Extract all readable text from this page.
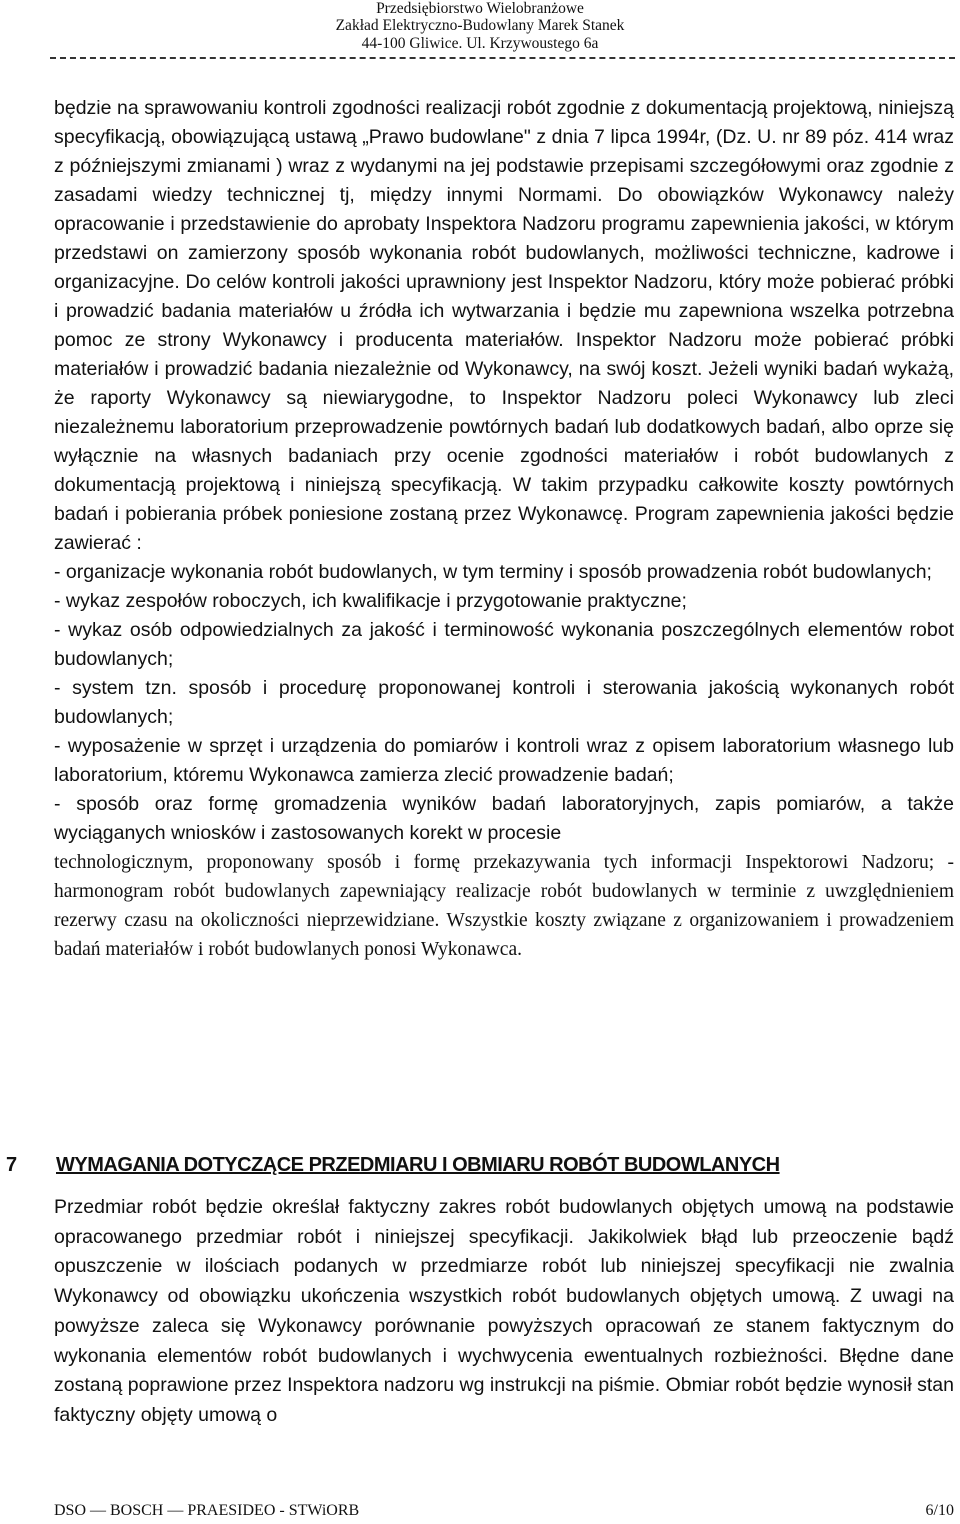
Przedsiębiorstwo Wielobranżowe
Zakład Elektryczno-Budowlany Marek Stanek
44-100 Gliwice. Ul. Krzywoustego 6a

będzie na sprawowaniu kontroli zgodności realizacji robót zgodnie z dokumentacją projektową, niniejszą specyfikacją, obowiązującą ustawą „Prawo budowlane" z dnia 7 lipca 1994r, (Dz. U. nr 89 póz. 414 wraz z późniejszymi zmianami ) wraz z wydanymi na jej podstawie przepisami szczegółowymi oraz zgodnie z zasadami wiedzy technicznej tj, między innymi Normami. Do obowiązków Wykonawcy należy opracowanie i przedstawienie do aprobaty Inspektora Nadzoru programu zapewnienia jakości, w którym przedstawi on zamierzony sposób wykonania robót budowlanych, możliwości techniczne, kadrowe i organizacyjne. Do celów kontroli jakości uprawniony jest Inspektor Nadzoru, który może pobierać próbki i prowadzić badania materiałów u źródła ich wytwarzania i będzie mu zapewniona wszelka potrzebna pomoc ze strony Wykonawcy i producenta materiałów. Inspektor Nadzoru może pobierać próbki materiałów i prowadzić badania niezależnie od Wykonawcy, na swój koszt. Jeżeli wyniki badań wykażą, że raporty Wykonawcy są niewiarygodne, to Inspektor Nadzoru poleci Wykonawcy lub zleci niezależnemu laboratorium przeprowadzenie powtórnych badań lub dodatkowych badań, albo oprze się wyłącznie na własnych badaniach przy ocenie zgodności materiałów i robót budowlanych z dokumentacją projektową i niniejszą specyfikacją. W takim przypadku całkowite koszty powtórnych badań i pobierania próbek poniesione zostaną przez Wykonawcę. Program zapewnienia jakości będzie zawierać :

- organizacje wykonania robót budowlanych, w tym terminy i sposób prowadzenia robót budowlanych;

- wykaz zespołów roboczych, ich kwalifikacje i przygotowanie praktyczne;

- wykaz osób odpowiedzialnych za jakość i terminowość wykonania poszczególnych elementów robot budowlanych;

- system tzn. sposób i procedurę proponowanej kontroli i sterowania jakością wykonanych robót budowlanych;

- wyposażenie w sprzęt i urządzenia do pomiarów i kontroli wraz z opisem laboratorium własnego lub laboratorium, któremu Wykonawca zamierza zlecić prowadzenie badań;

- sposób oraz formę gromadzenia wyników badań laboratoryjnych, zapis pomiarów, a także wyciąganych wniosków i zastosowanych korekt w procesie

technologicznym, proponowany sposób i formę przekazywania tych informacji Inspektorowi Nadzoru; -harmonogram robót budowlanych zapewniający realizacje robót budowlanych w terminie z uwzględnieniem rezerwy czasu na okoliczności nieprzewidziane. Wszystkie koszty związane z organizowaniem i prowadzeniem badań materiałów i robót budowlanych ponosi Wykonawca.

7 WYMAGANIA DOTYCZĄCE PRZEDMIARU I OBMIARU ROBÓT BUDOWLANYCH
Przedmiar robót będzie określał faktyczny zakres robót budowlanych objętych umową na podstawie opracowanego przedmiar robót i niniejszej specyfikacji. Jakikolwiek błąd lub przeoczenie bądź opuszczenie w ilościach podanych w przedmiarze robót lub niniejszej specyfikacji nie zwalnia Wykonawcy od obowiązku ukończenia wszystkich robót budowlanych objętych umową. Z uwagi na powyższe zaleca się Wykonawcy porównanie powyższych opracowań ze stanem faktycznym do wykonania elementów robót budowlanych i wychwycenia ewentualnych rozbieżności. Błędne dane zostaną poprawione przez Inspektora nadzoru wg instrukcji na piśmie. Obmiar robót będzie wynosił stan faktyczny objęty umową o
DSO — BOSCH — PRAESIDEO - STWiORB	6/10
